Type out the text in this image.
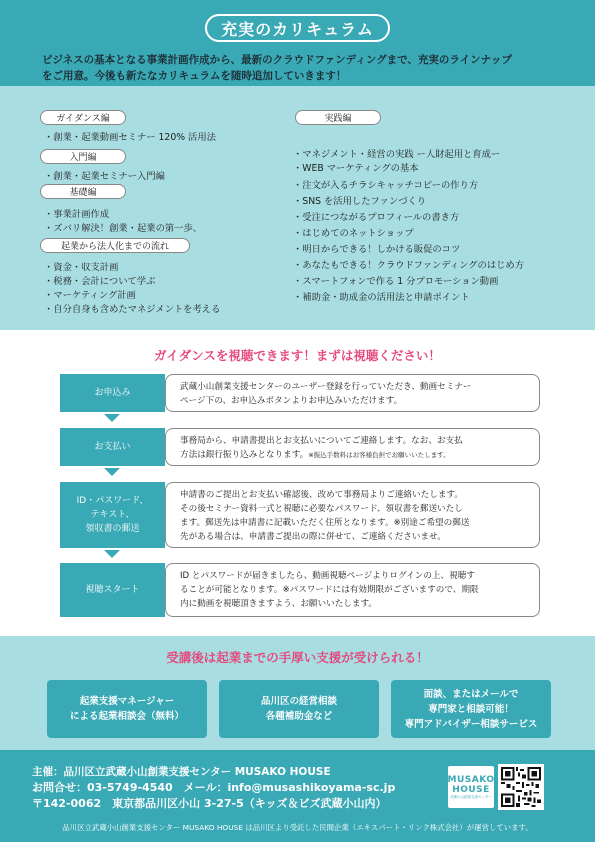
充実のカリキュラム
ビジネスの基本となる事業計画作成から、最新のクラウドファンディングまで、充実のラインナップ
をご用意。今後も新たなカリキュラムを随時追加していきます！
ガイダンス編
・創業・起業動画セミナー 120% 活用法
入門編
・創業・起業セミナー入門編
基礎編
・事業計画作成
・ズバリ解決！創業・起業の第一歩、
起業から法人化までの流れ
・資金・収支計画
・税務・会計について学ぶ
・マーケティング計画
・自分自身も含めたマネジメントを考える
実践編
・マネジメント・経営の実践 ー人財起用と育成ー
・WEB マーケティングの基本
・注文が入るチラシキャッチコピーの作り方
・SNS を活用したファンづくり
・受注につながるプロフィールの書き方
・はじめてのネットショップ
・明日からできる！しかける販促のコツ
・あなたもできる！クラウドファンディングのはじめ方
・スマートフォンで作る 1 分プロモーション動画
・補助金・助成金の活用法と申請ポイント
ガイダンスを視聴できます！まずは視聴ください！
お申込み
武蔵小山創業支援センターのユーザー登録を行っていただき、動画セミナー
ページ下の、お申込みボタンよりお申込みいただけます。
お支払い
事務局から、申請書提出とお支払いについてご連絡します。なお、お支払
方法は銀行振り込みとなります。※振込手数料はお客様負担でお願いいたします。
ID・パスワード、
テキスト、
領収書の郵送
申請書のご提出とお支払い確認後、改めて事務局よりご連絡いたします。
その後セミナー資料一式と視聴に必要なパスワード、領収書を郵送いたし
ます。郵送先は申請書に記載いただく住所となります。※別途ご希望の郵送
先がある場合は、申請書ご提出の際に併せて、ご連絡くださいませ。
視聴スタート
ID とパスワードが届きましたら、動画視聴ページよりログインの上、視聴す
ることが可能となります。※パスワードには有効期限がございますので、期限
内に動画を視聴頂きますよう、お願いいたします。
受講後は起業までの手厚い支援が受けられる！
起業支援マネージャー
による起業相談会（無料）
品川区の経営相談
各種補助金など
面談、またはメールで
専門家と相談可能！
専門アドバイザー相談サービス
主催：品川区立武蔵小山創業支援センター MUSAKO HOUSE
お問合せ：03-5749-4540　メール：info@musashikoyama-sc.jp
〒142-0062　東京都品川区小山 3-27-5（キッズ＆ビズ武蔵小山内）
MUSAKO
HOUSE
武蔵小山創業支援センター
品川区立武蔵小山創業支援センター MUSAKO HOUSE は品川区より受託した民間企業（エキスパート・リンク株式会社）が運営しています。
